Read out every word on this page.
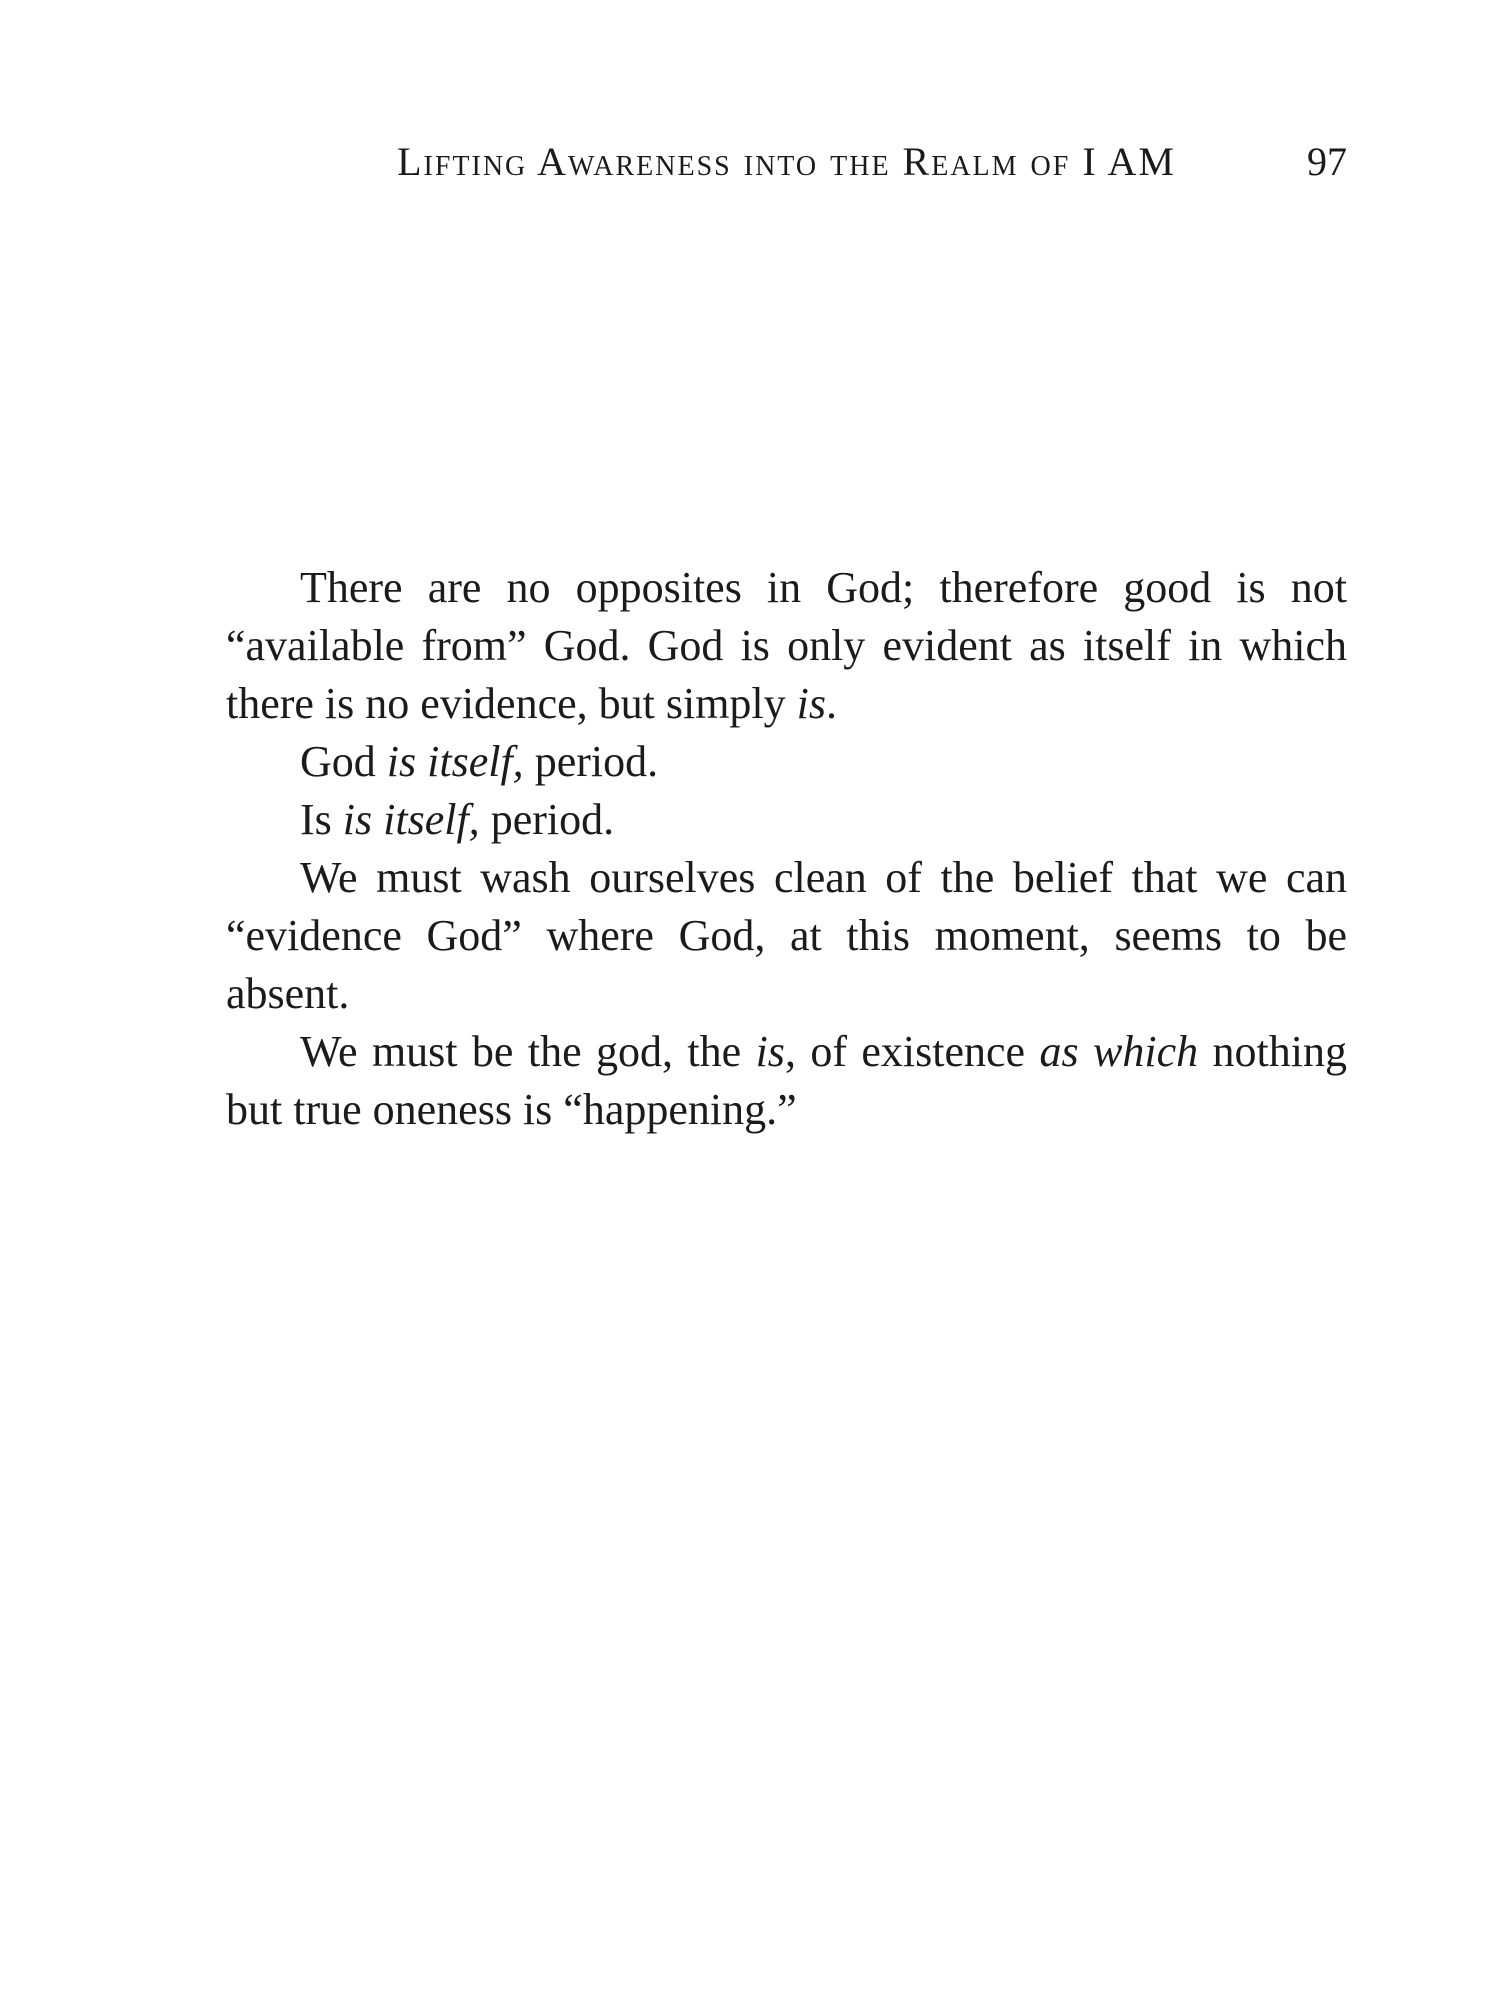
Lifting Awareness into the Realm of I AM	97
There are no opposites in God; therefore good is not
“available from” God. God is only evident as itself in which
there is no evidence, but simply is.
God is itself, period.
Is is itself, period.
We must wash ourselves clean of the belief that we can
“evidence God” where God, at this moment, seems to be
absent.
We must be the god, the is, of existence as which nothing
but true oneness is “happening.”
